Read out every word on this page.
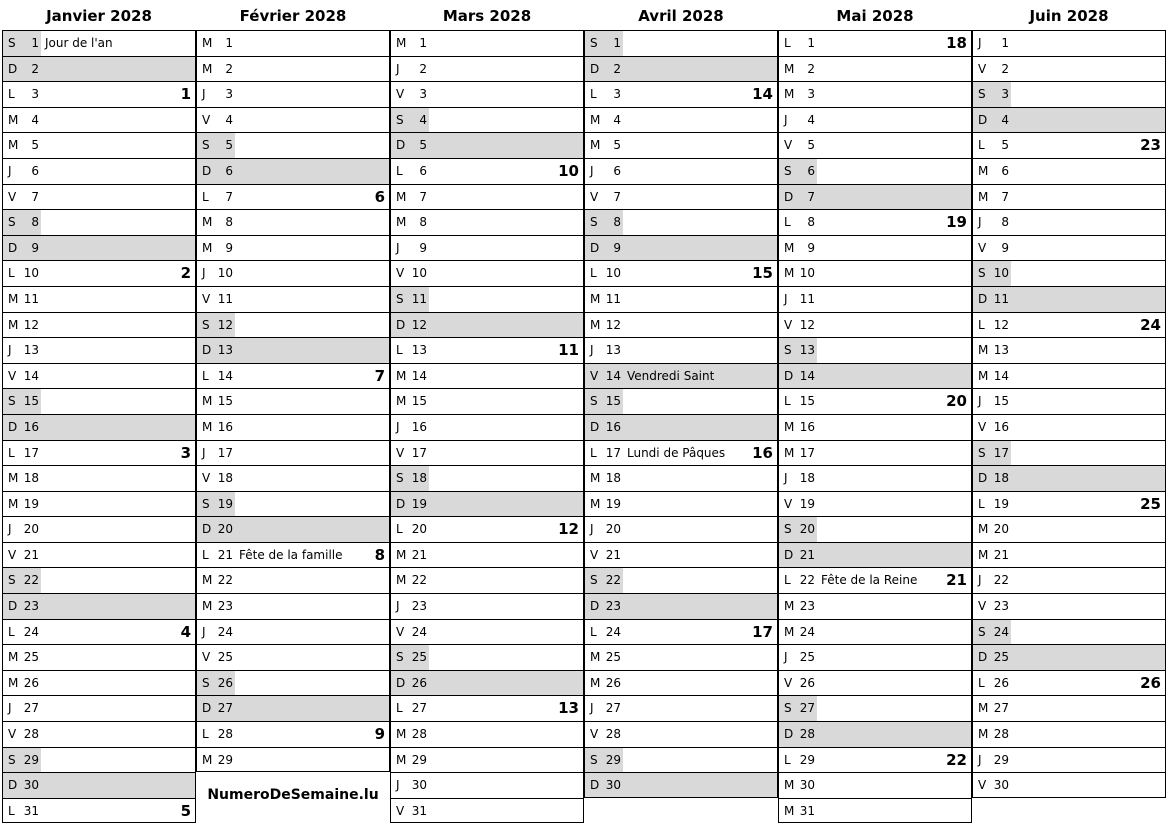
Janvier 2028
S	1 Jour de l'an
D	2
L	3	1
M	4
M	5
J	6
V	7
S	8
D	9
L 10	2
M 11
M 12
J	13
V 14
S 15
D 16
L 17	3
M 18
M 19
J	20
V 21
S 22
D 23
L 24	4
M 25
M 26
J	27
V 28
S 29
D 30
L 31	5
Février 2028
M	1
M	2
J	3
V	4
S	5
D	6
L	7	6
M	8
M	9
J	10
V 11
S 12
D 13
L 14	7
M 15
M 16
J	17
V 18
S 19
D 20
L 21 Fête de la famille 8
M 22
M 23
J	24
V 25
S 26
D 27
L 28	9
M 29
Mars 2028
M	1
J	2
V	3
S	4
D	5
L	6	10
M	7
M	8
J	9
V 10
S 11
D 12
L 13	11
M 14
M 15
J	16
V 17
S 18
D 19
L 20	12
M 21
M 22
J	23
V 24
S 25
D 26
L 27	13
M 28
M 29
J	30
V 31
Avril 2028
S	1
D	2
L	3	14
M	4
M	5
J	6
V	7
S	8
D	9
L 10	15
M 11
M 12
J	13
V 14 Vendredi Saint
S 15
D 16
L 17 Lundi de Pâques 16
M 18
M 19
J	20
V 21
S 22
D 23
L 24	17
M 25
M 26
J	27
V 28
S 29
D 30
Mai 2028
L	1	18
M	2
M	3
J	4
V	5
S	6
D	7
L	8	19
M	9
M 10
J	11
V 12
S 13
D 14
L 15	20
M 16
M 17
J	18
V 19
S 20
D 21
L 22 Fête de la Reine 21
M 23
M 24
J	25
V 26
S 27
D 28
L 29	22
M 30
M 31
Juin 2028
J	1
V	2
S	3
D	4
L	5	23
M	6
M	7
J	8
V	9
S 10
D 11
L 12	24
M 13
M 14
J	15
V 16
S 17
D 18
L 19	25
M 20
M 21
J	22
V 23
S 24
D 25
L 26	26
M 27
M 28
J	29
V 30
NumeroDeSemaine.lu
